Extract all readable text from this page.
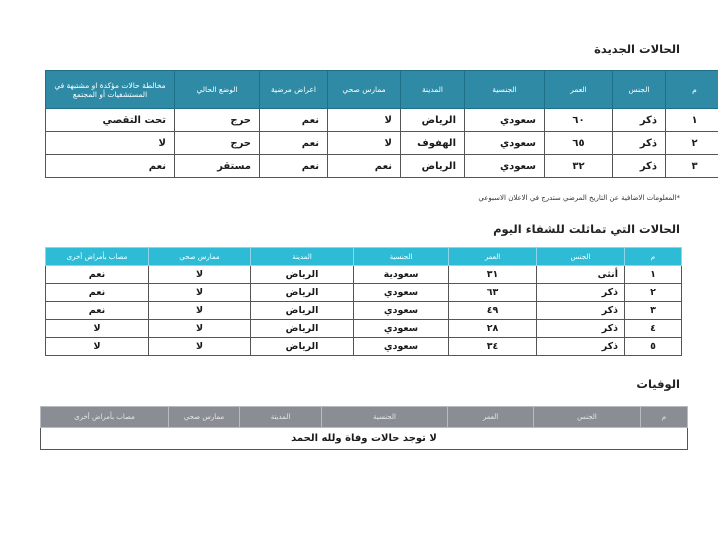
الحالات الجديدة
م	الجنس	العمر	الجنسية	المدينة	ممارس صحي	اعراض مرضية	الوضع الحالي	مخالطة حالات مؤكدة او مشتبهة في المستشفيات أو المجتمع
١	ذكر	٦٠	سعودي	الرياض	لا	نعم	حرج	تحت التقصي
٢	ذكر	٦٥	سعودي	الهفوف	لا	نعم	حرج	لا
٣	ذكر	٣٢	سعودي	الرياض	نعم	نعم	مستقر	نعم

*المعلومات الاضافية عن التاريخ المرضي ستدرج في الاعلان الاسبوعي

الحالات التي تماثلت للشفاء اليوم
م	الجنس	العمر	الجنسية	المدينة	ممارس صحي	مصاب بأمراض أخرى
١	أنثى	٣١	سعودية	الرياض	لا	نعم
٢	ذكر	٦٣	سعودي	الرياض	لا	نعم
٣	ذكر	٤٩	سعودي	الرياض	لا	نعم
٤	ذكر	٢٨	سعودي	الرياض	لا	لا
٥	ذكر	٣٤	سعودي	الرياض	لا	لا
الوفيات
م	الجنس	العمر	الجنسية	المدينة	ممارس صحي	مصاب بأمراض أخرى
لا توجد حالات وفاة ولله الحمد
